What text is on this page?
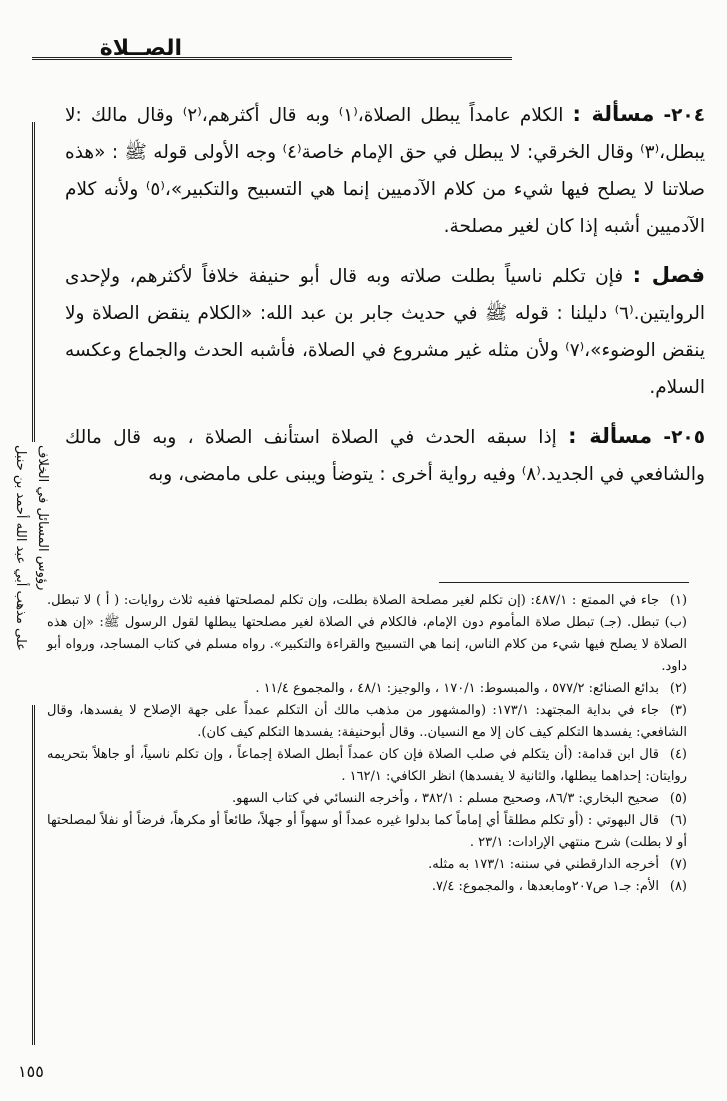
الصــلاة
رؤوس المسائل في الخلاف
على مذهب أبي عبد الله أحمد بن حنبل

٢٠٤- مسألة : الكلام عامداً يبطل الصلاة،⁽١⁾ وبه قال أكثرهم،⁽٢⁾ وقال مالك :لا يبطل،⁽٣⁾ وقال الخرقي: لا يبطل في حق الإمام خاصة⁽٤⁾ وجه الأولى قوله ﷺ : «هذه صلاتنا لا يصلح فيها شيء من كلام الآدميين إنما هي التسبيح والتكبير»،⁽٥⁾ ولأنه كلام الآدميين أشبه إذا كان لغير مصلحة.

فصل : فإن تكلم ناسياً بطلت صلاته وبه قال أبو حنيفة خلافاً لأكثرهم، ولإحدى الروايتين.⁽٦⁾ دليلنا : قوله ﷺ في حديث جابر بن عبد الله: «الكلام ينقض الصلاة ولا ينقض الوضوء»،⁽٧⁾ ولأن مثله غير مشروع في الصلاة، فأشبه الحدث والجماع وعكسه السلام.

٢٠٥- مسألة : إذا سبقه الحدث في الصلاة استأنف الصلاة ، وبه قال مالك والشافعي في الجديد.⁽٨⁾ وفيه رواية أخرى : يتوضأ ويبنى على مامضى، وبه

(١)جاء في الممتع : ٤٨٧/١: (إن تكلم لغير مصلحة الصلاة بطلت، وإن تكلم لمصلحتها ففيه ثلاث روايات: ( أ ) لا تبطل. (ب) تبطل. (جـ) تبطل صلاة المأموم دون الإمام، فالكلام في الصلاة لغير مصلحتها يبطلها لقول الرسول ﷺ: «إن هذه الصلاة لا يصلح فيها شيء من كلام الناس، إنما هي التسبيح والقراءة والتكبير». رواه مسلم في كتاب المساجد، ورواه أبو داود.
(٢)بدائع الصنائع: ٥٧٧/٢ ، والمبسوط: ١٧٠/١ ، والوجيز: ٤٨/١ ، والمجموع ١١/٤ .
(٣)جاء في بداية المجتهد: ١٧٣/١: (والمشهور من مذهب مالك أن التكلم عمداً على جهة الإصلاح لا يفسدها، وقال الشافعي: يفسدها التكلم كيف كان إلا مع النسيان.. وقال أبوحنيفة: يفسدها التكلم كيف كان).
(٤)قال ابن قدامة: (أن يتكلم في صلب الصلاة فإن كان عمداً أبطل الصلاة إجماعاً ، وإن تكلم ناسياً، أو جاهلاً بتحريمه روايتان: إحداهما يبطلها، والثانية لا يفسدها) انظر الكافي: ١٦٢/١ .
(٥)صحيح البخاري: ٨٦/٣، وصحيح مسلم : ٣٨٢/١ ، وأخرجه النسائي في كتاب السهو.
(٦)قال البهوتي : (أو تكلم مطلقاً أي إماماً كما بدلوا غيره عمداً أو سهواً أو جهلاً، طائعاً أو مكرهاً، فرضاً أو نفلاً لمصلحتها أو لا بطلت) شرح منتهي الإرادات: ٢٣/١ .
(٧)أخرجه الدارقطني في سننه: ١٧٣/١ به مثله.
(٨)الأم: جـ١ ص٢٠٧ومابعدها ، والمجموع: ٧/٤.
١٥٥
